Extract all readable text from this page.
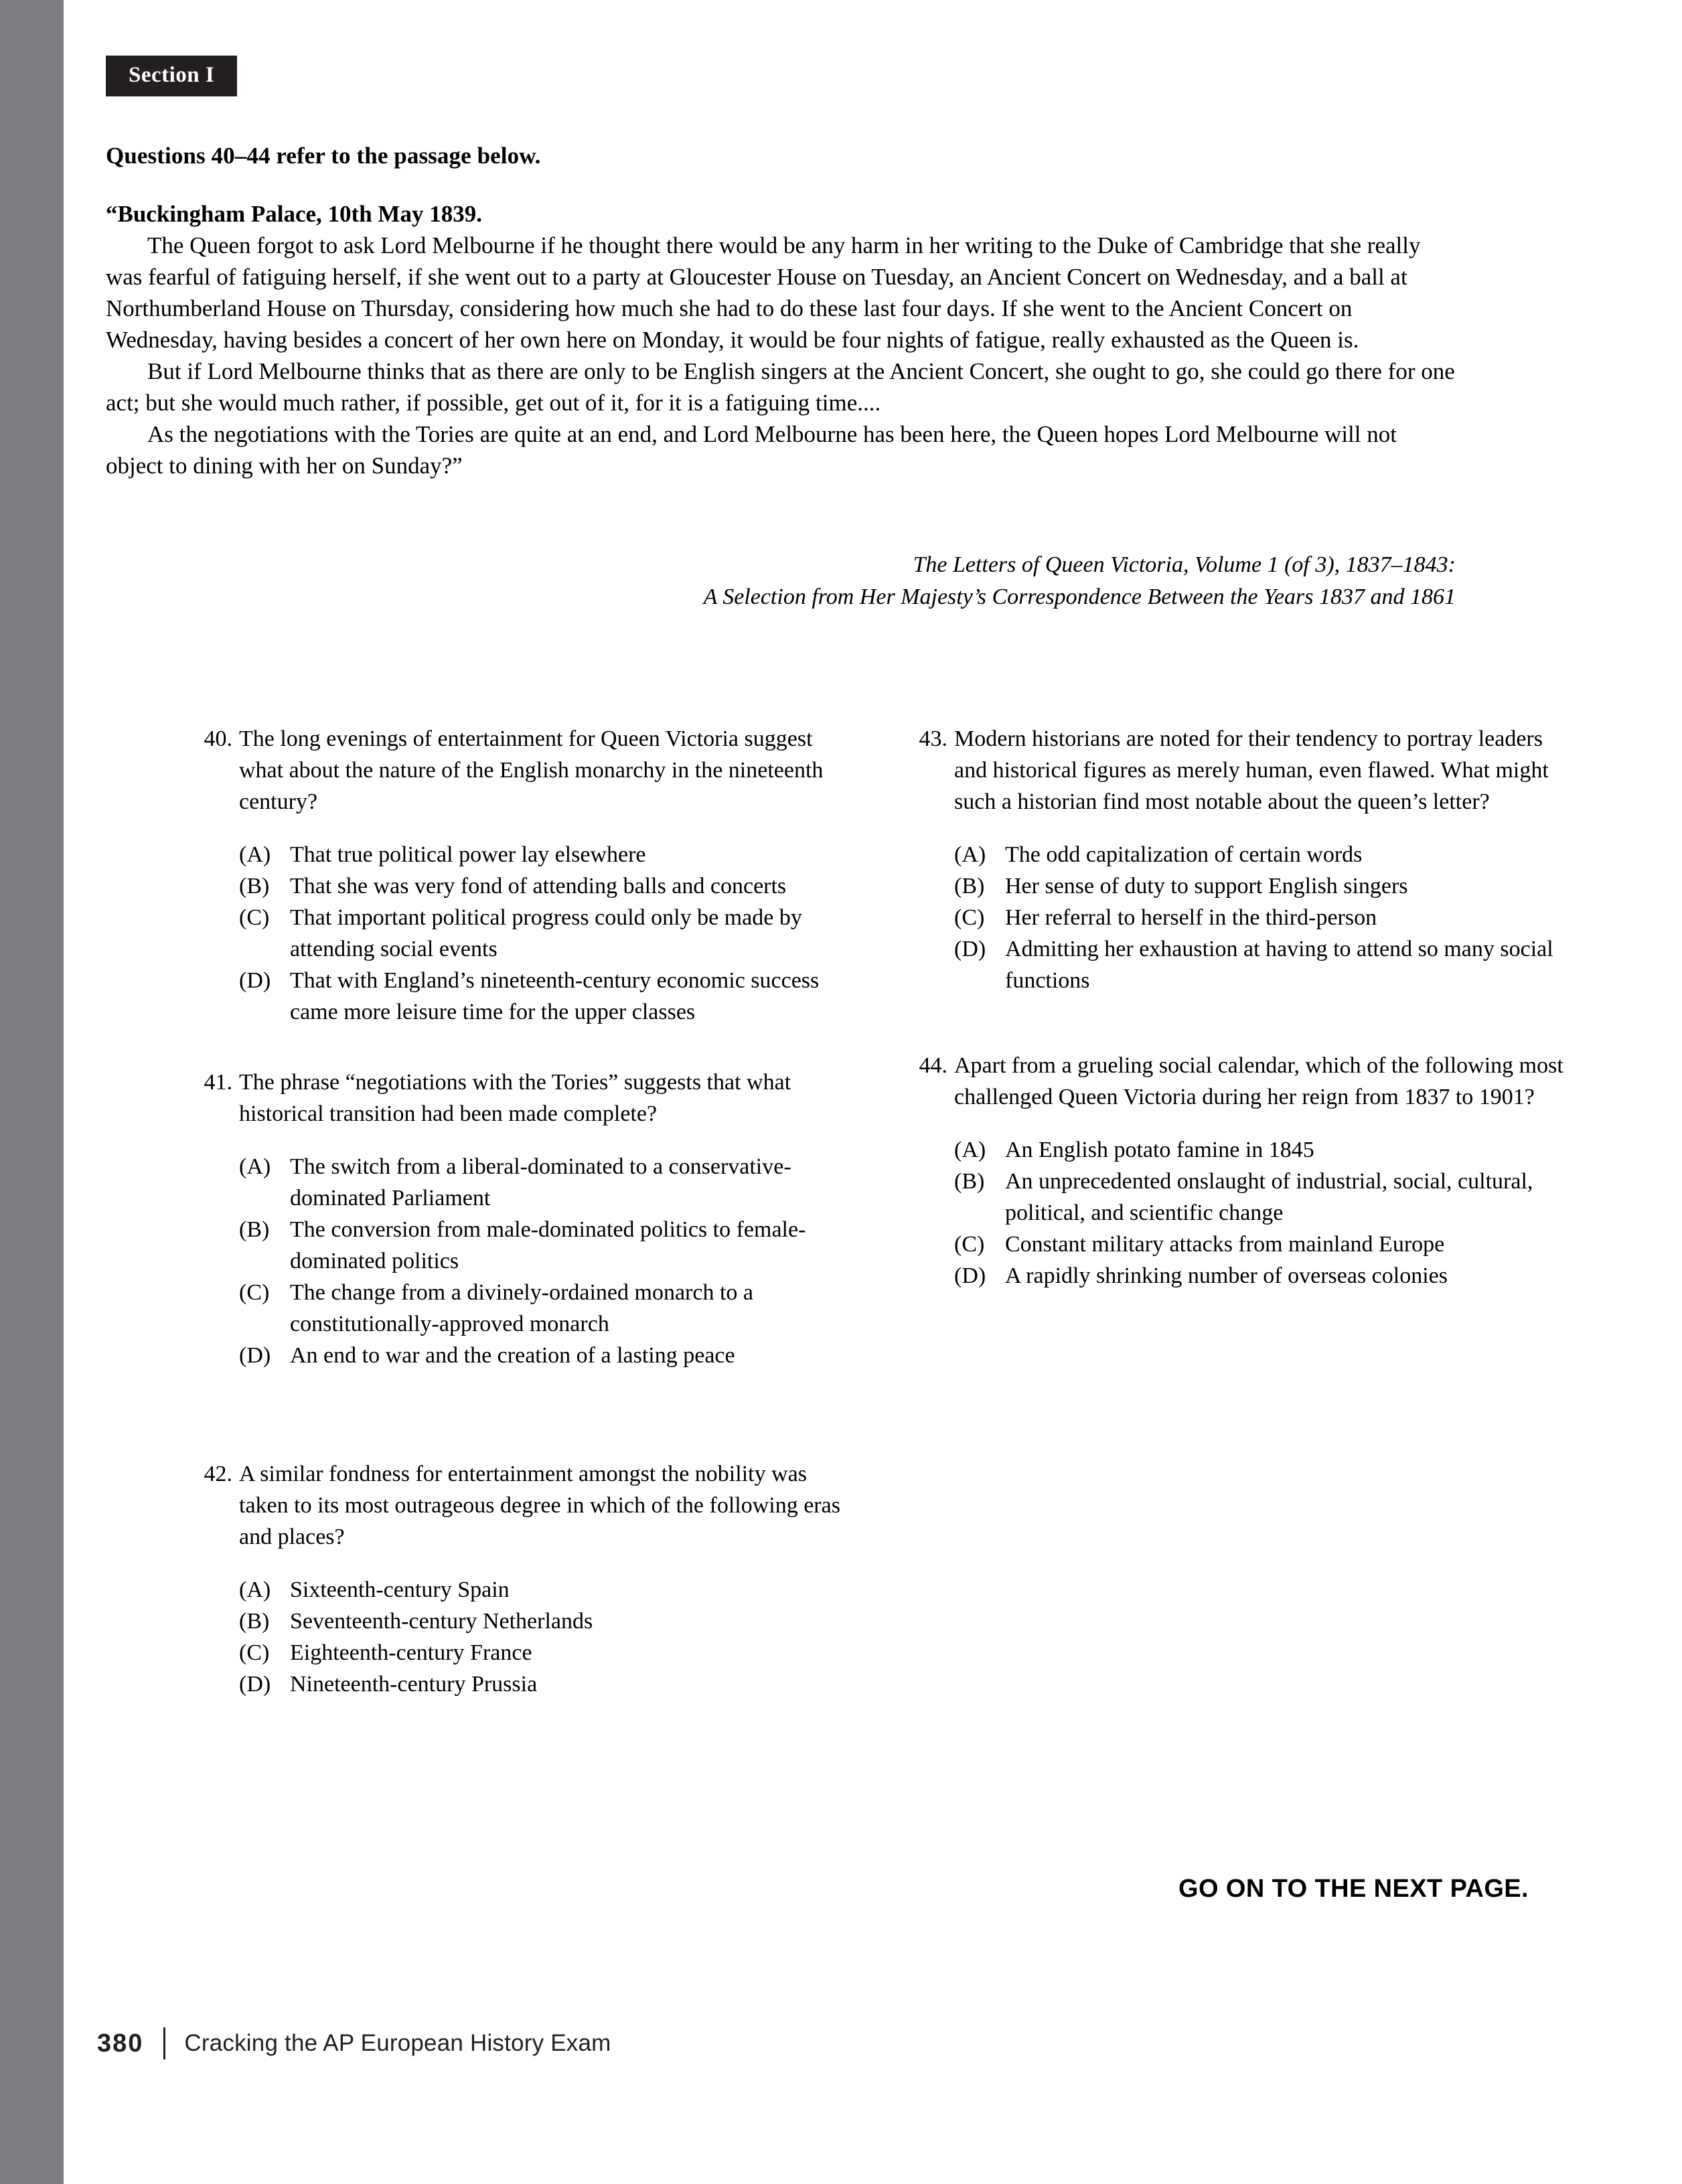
Section I
Questions 40–44 refer to the passage below.

“Buckingham Palace, 10th May 1839.

The Queen forgot to ask Lord Melbourne if he thought there would be any harm in her writing to the Duke of Cambridge that she really was fearful of fatiguing herself, if she went out to a party at Gloucester House on Tuesday, an Ancient Concert on Wednesday, and a ball at Northumberland House on Thursday, considering how much she had to do these last four days. If she went to the Ancient Concert on Wednesday, having besides a concert of her own here on Monday, it would be four nights of fatigue, really exhausted as the Queen is.

But if Lord Melbourne thinks that as there are only to be English singers at the Ancient Concert, she ought to go, she could go there for one act; but she would much rather, if possible, get out of it, for it is a fatiguing time....

As the negotiations with the Tories are quite at an end, and Lord Melbourne has been here, the Queen hopes Lord Melbourne will not object to dining with her on Sunday?”

The Letters of Queen Victoria, Volume 1 (of 3), 1837–1843:
A Selection from Her Majesty’s Correspondence Between the Years 1837 and 1861
40. The long evenings of entertainment for Queen Victoria suggest what about the nature of the English monarchy in the nineteenth century?
(A) That true political power lay elsewhere
(B) That she was very fond of attending balls and concerts
(C) That important political progress could only be made by attending social events
(D) That with England’s nineteenth-century economic success came more leisure time for the upper classes
41. The phrase “negotiations with the Tories” suggests that what historical transition had been made complete?
(A) The switch from a liberal-dominated to a conservative-dominated Parliament
(B) The conversion from male-dominated politics to female-dominated politics
(C) The change from a divinely-ordained monarch to a constitutionally-approved monarch
(D) An end to war and the creation of a lasting peace
42. A similar fondness for entertainment amongst the nobility was taken to its most outrageous degree in which of the following eras and places?
(A) Sixteenth-century Spain
(B) Seventeenth-century Netherlands
(C) Eighteenth-century France
(D) Nineteenth-century Prussia
43. Modern historians are noted for their tendency to portray leaders and historical figures as merely human, even flawed. What might such a historian find most notable about the queen’s letter?
(A) The odd capitalization of certain words
(B) Her sense of duty to support English singers
(C) Her referral to herself in the third-person
(D) Admitting her exhaustion at having to attend so many social functions
44. Apart from a grueling social calendar, which of the following most challenged Queen Victoria during her reign from 1837 to 1901?
(A) An English potato famine in 1845
(B) An unprecedented onslaught of industrial, social, cultural, political, and scientific change
(C) Constant military attacks from mainland Europe
(D) A rapidly shrinking number of overseas colonies
GO ON TO THE NEXT PAGE.
380 Cracking the AP European History Exam
